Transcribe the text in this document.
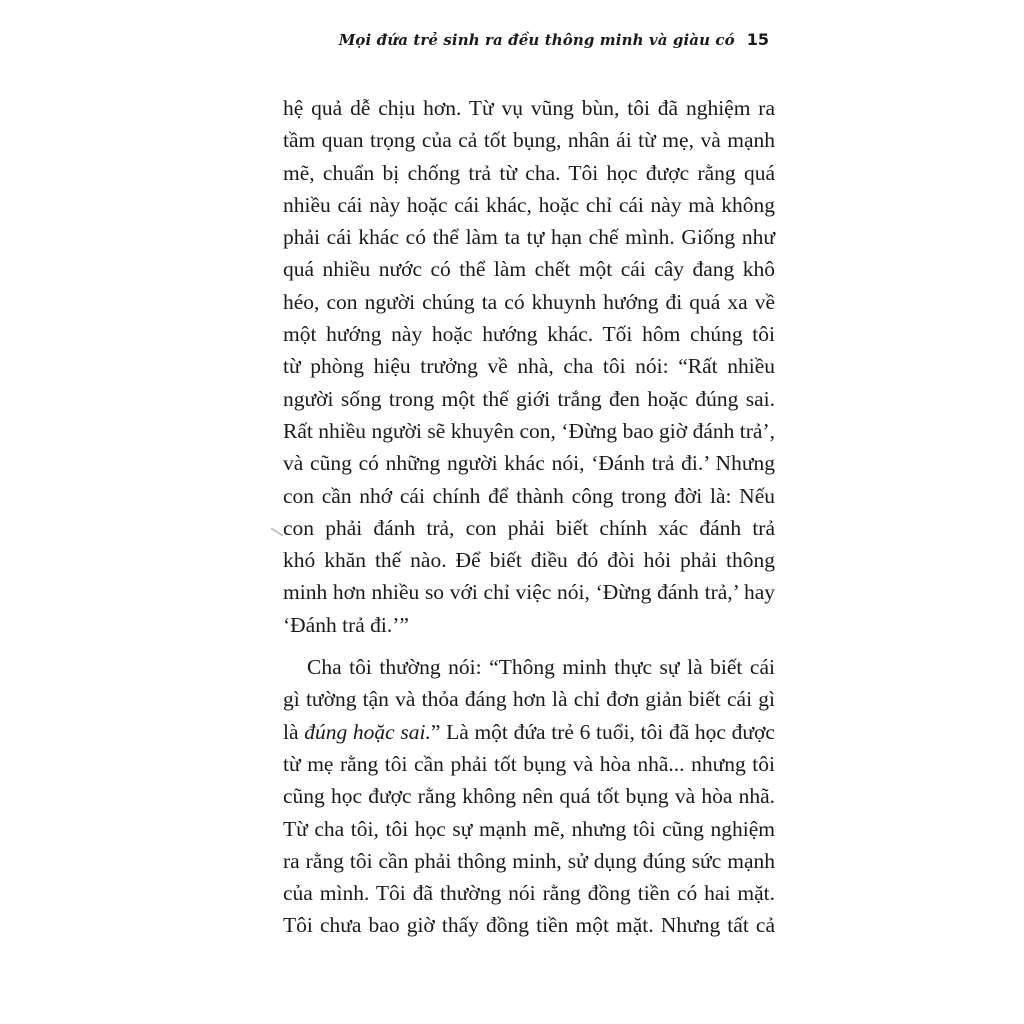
Mọi đứa trẻ sinh ra đều thông minh và giàu có 15
hệ quả dễ chịu hơn. Từ vụ vũng bùn, tôi đã nghiệm ra
tầm quan trọng của cả tốt bụng, nhân ái từ mẹ, và mạnh
mẽ, chuẩn bị chống trả từ cha. Tôi học được rằng quá
nhiều cái này hoặc cái khác, hoặc chỉ cái này mà không
phải cái khác có thể làm ta tự hạn chế mình. Giống như
quá nhiều nước có thể làm chết một cái cây đang khô
héo, con người chúng ta có khuynh hướng đi quá xa về
một hướng này hoặc hướng khác. Tối hôm chúng tôi
từ phòng hiệu trưởng về nhà, cha tôi nói: “Rất nhiều
người sống trong một thế giới trắng đen hoặc đúng sai.
Rất nhiều người sẽ khuyên con, ‘Đừng bao giờ đánh trả’,
và cũng có những người khác nói, ‘Đánh trả đi.’ Nhưng
con cần nhớ cái chính để thành công trong đời là: Nếu
con phải đánh trả, con phải biết chính xác đánh trả
khó khăn thế nào. Để biết điều đó đòi hỏi phải thông
minh hơn nhiều so với chỉ việc nói, ‘Đừng đánh trả,’ hay
‘Đánh trả đi.’”
Cha tôi thường nói: “Thông minh thực sự là biết cái
gì tường tận và thỏa đáng hơn là chỉ đơn giản biết cái gì
là đúng hoặc sai.” Là một đứa trẻ 6 tuổi, tôi đã học được
từ mẹ rằng tôi cần phải tốt bụng và hòa nhã... nhưng tôi
cũng học được rằng không nên quá tốt bụng và hòa nhã.
Từ cha tôi, tôi học sự mạnh mẽ, nhưng tôi cũng nghiệm
ra rằng tôi cần phải thông minh, sử dụng đúng sức mạnh
của mình. Tôi đã thường nói rằng đồng tiền có hai mặt.
Tôi chưa bao giờ thấy đồng tiền một mặt. Nhưng tất cả
